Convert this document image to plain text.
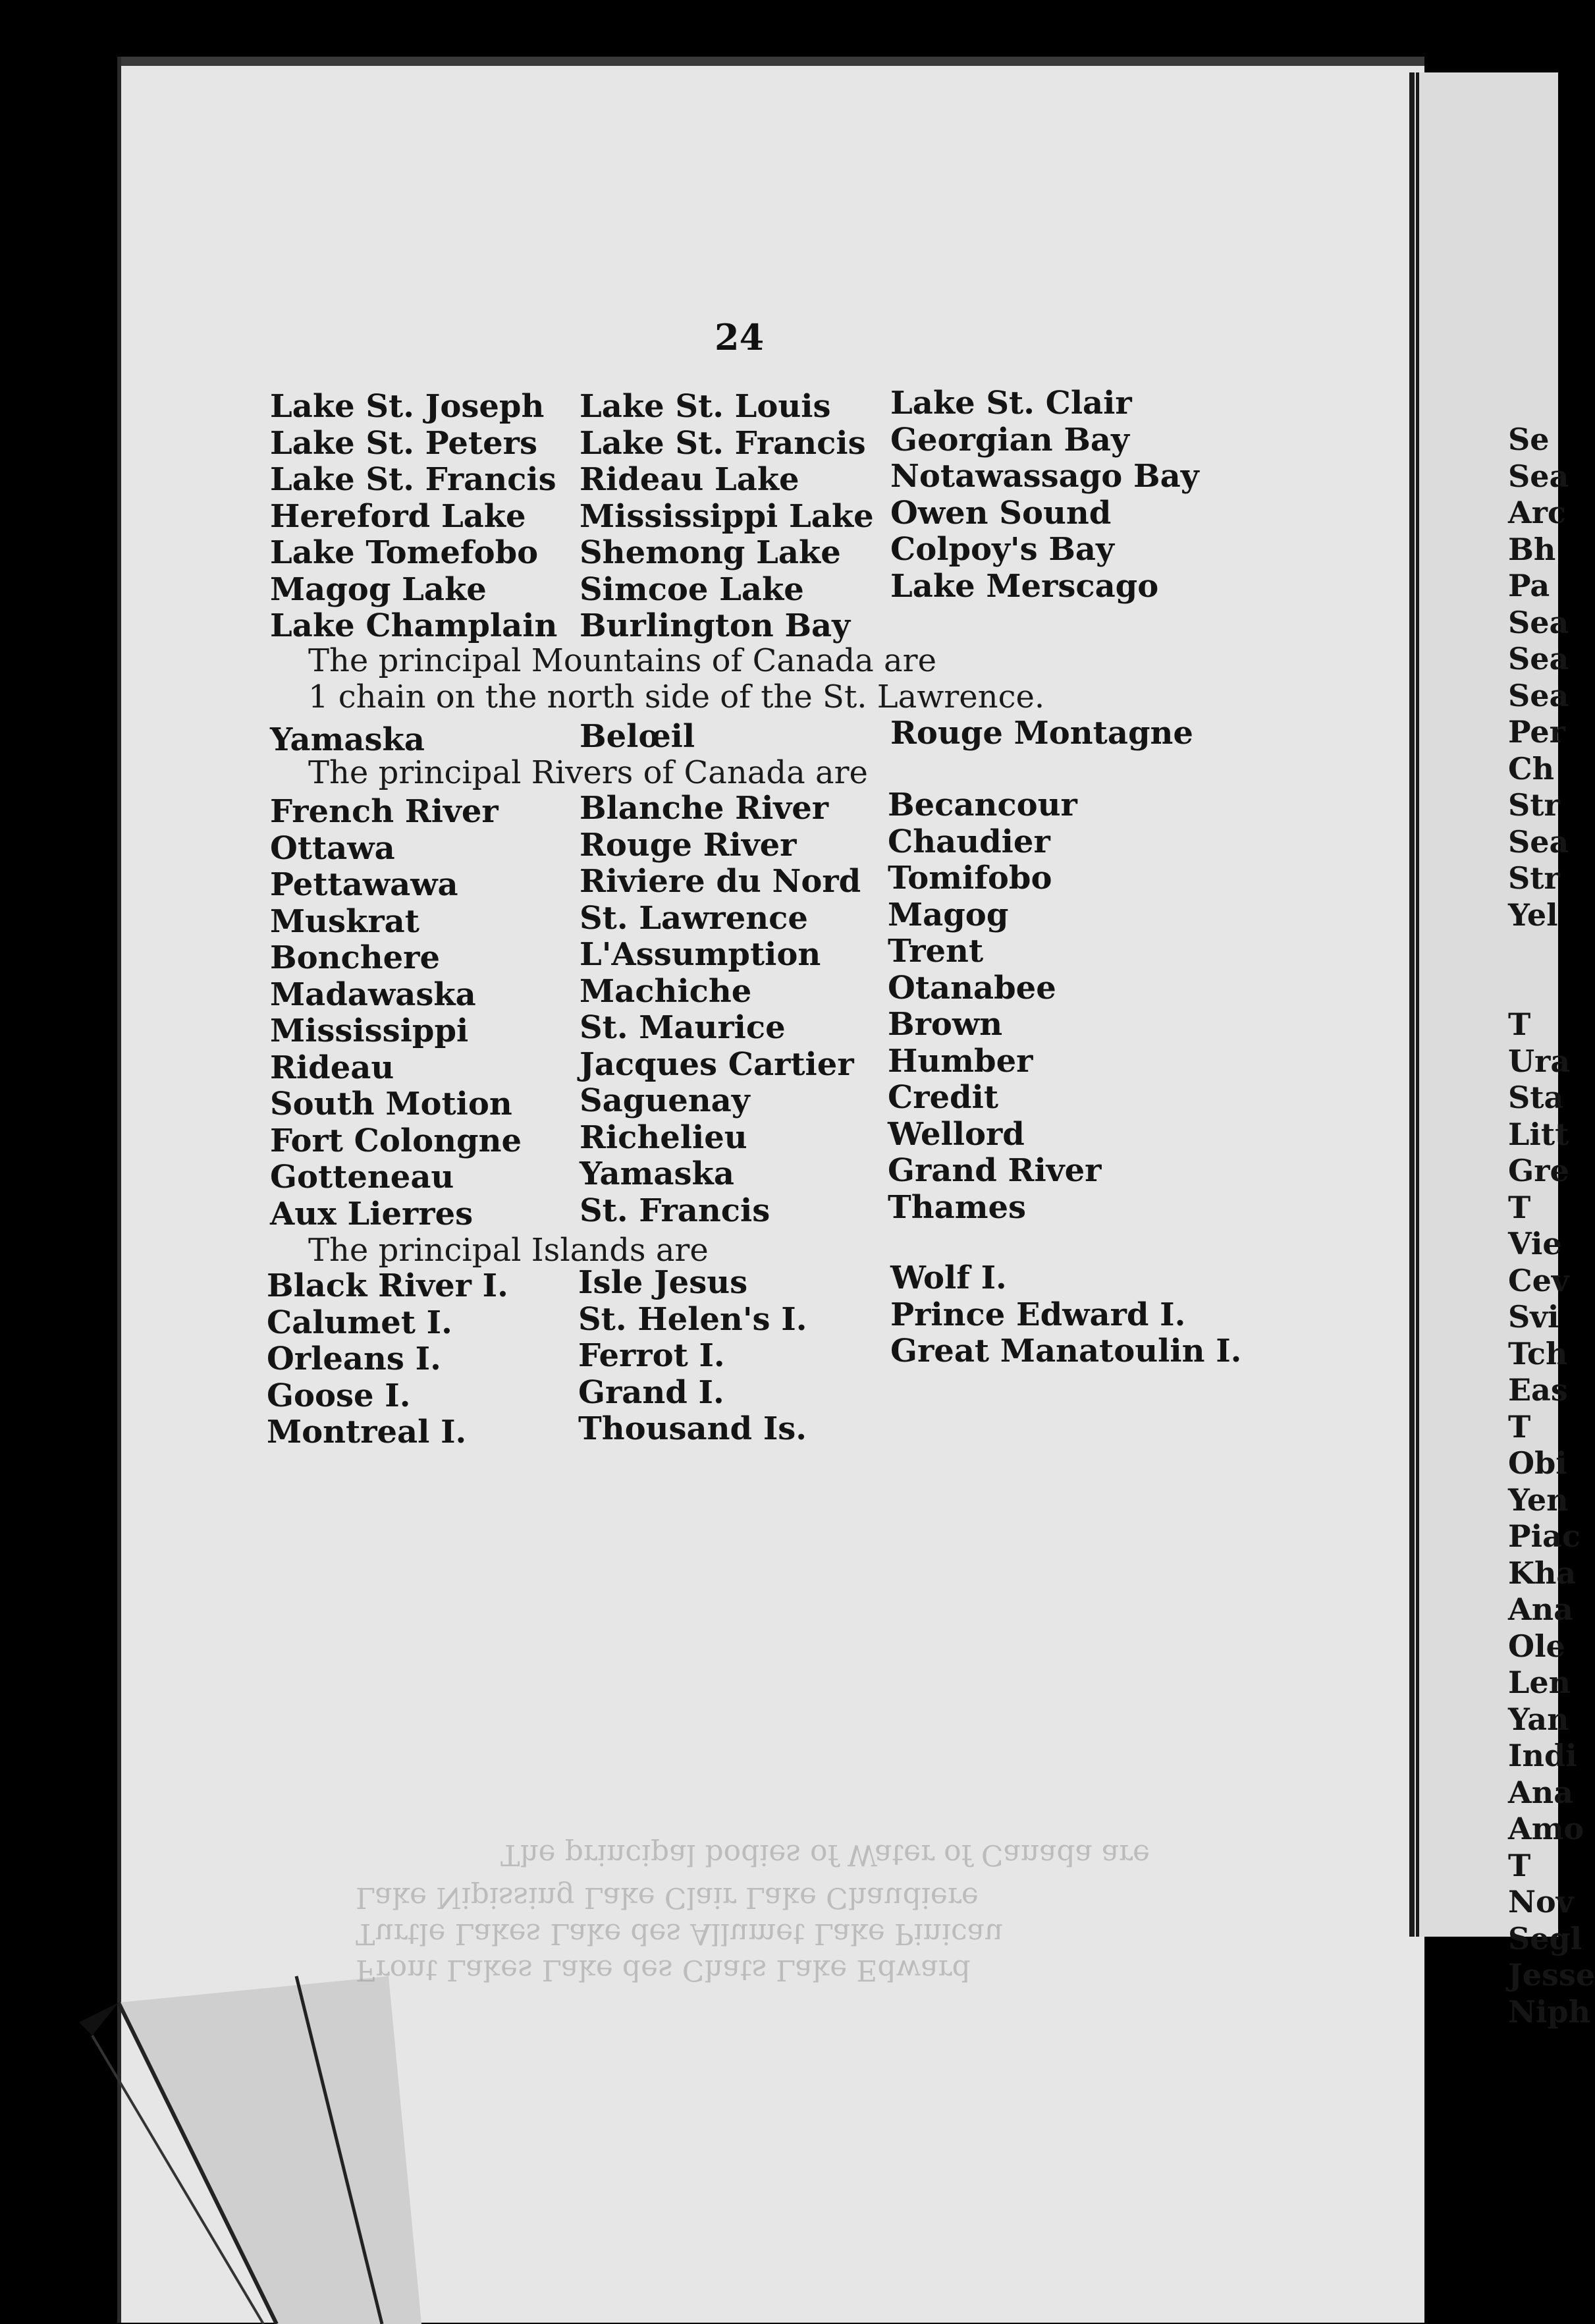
The principal bodies of Water of Canada are
Lake Nipissing Lake Clair Lake Chaudiere
Turtle Lakes Lake des Allumet Lake Pinicau
Front Lakes Lake des Chats Lake Edward
24
Lake St. Joseph
Lake St. Peters
Lake St. Francis
Hereford Lake
Lake Tomefobo
Magog Lake
Lake Champlain
Lake St. Louis
Lake St. Francis
Rideau Lake
Mississippi Lake
Shemong Lake
Simcoe Lake
Burlington Bay
Lake St. Clair
Georgian Bay
Notawassago Bay
Owen Sound
Colpoy's Bay
Lake Merscago
The principal Mountains of Canada are
1 chain on the north side of the St. Lawrence.
Yamaska	Belœil	Rouge Montagne
The principal Rivers of Canada are
French River
Ottawa
Pettawawa
Muskrat
Bonchere
Madawaska
Mississippi
Rideau
South Motion
Fort Colongne
Gotteneau
Aux Lierres
Blanche River
Rouge River
Riviere du Nord
St. Lawrence
L'Assumption
Machiche
St. Maurice
Jacques Cartier
Saguenay
Richelieu
Yamaska
St. Francis
Becancour
Chaudier
Tomifobo
Magog
Trent
Otanabee
Brown
Humber
Credit
Wellord
Grand River
Thames
The principal Islands are
Black River I.
Calumet I.
Orleans I.
Goose I.
Montreal I.
Isle Jesus
St. Helen's I.
Ferrot I.
Grand I.
Thousand Is.
Wolf I.
Prince Edward I.
Great Manatoulin I.
Se
Sea
Arc
Bh
Pa
Sea
Sea
Sea
Per
Ch
Str
Sea
Str
Yel
T
Ura
Sta
Litt
Gre
T
Vie
Cev
Svi
Tch
Eas
T
Obi
Yen
Piac
Kha
Ana
Ole
Len
Yan
Indi
Ana
Amo
T
Nov
Segl
Jesse
Niph
